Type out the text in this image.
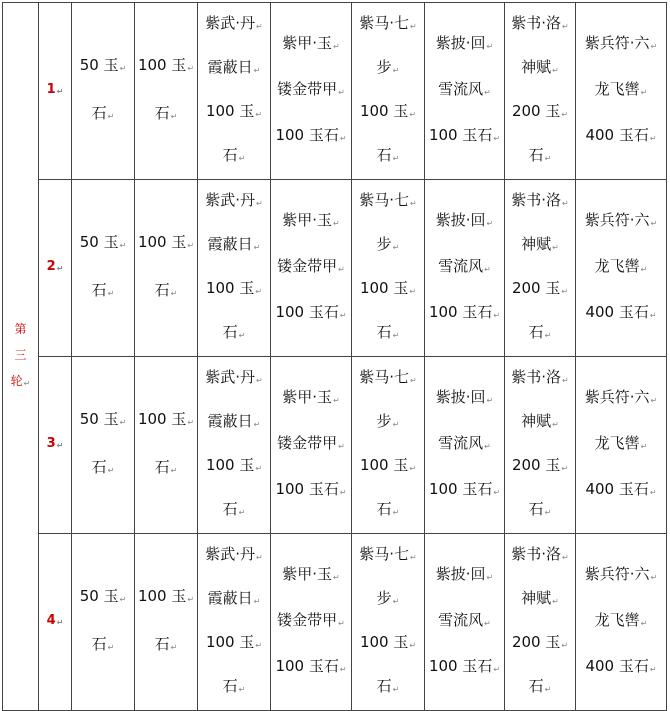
第
三
轮↵	1↵	50 玉↵
石↵	100 玉↵
石↵	紫武·丹↵
霞蔽日↵
100 玉↵
石↵	紫甲·玉↵
镂金带甲↵
100 玉石↵	紫马·七↵
步↵
100 玉↵
石↵	紫披·回↵
雪流风↵
100 玉石↵	紫书·洛↵
神赋↵
200 玉↵
石↵	紫兵符·六↵
龙飞辔↵
400 玉石↵

	2↵	50 玉↵
石↵	100 玉↵
石↵	紫武·丹↵
霞蔽日↵
100 玉↵
石↵	紫甲·玉↵
镂金带甲↵
100 玉石↵	紫马·七↵
步↵
100 玉↵
石↵	紫披·回↵
雪流风↵
100 玉石↵	紫书·洛↵
神赋↵
200 玉↵
石↵	紫兵符·六↵
龙飞辔↵
400 玉石↵

	3↵	50 玉↵
石↵	100 玉↵
石↵	紫武·丹↵
霞蔽日↵
100 玉↵
石↵	紫甲·玉↵
镂金带甲↵
100 玉石↵	紫马·七↵
步↵
100 玉↵
石↵	紫披·回↵
雪流风↵
100 玉石↵	紫书·洛↵
神赋↵
200 玉↵
石↵	紫兵符·六↵
龙飞辔↵
400 玉石↵

	4↵	50 玉↵
石↵	100 玉↵
石↵	紫武·丹↵
霞蔽日↵
100 玉↵
石↵	紫甲·玉↵
镂金带甲↵
100 玉石↵	紫马·七↵
步↵
100 玉↵
石↵	紫披·回↵
雪流风↵
100 玉石↵	紫书·洛↵
神赋↵
200 玉↵
石↵	紫兵符·六↵
龙飞辔↵
400 玉石↵
